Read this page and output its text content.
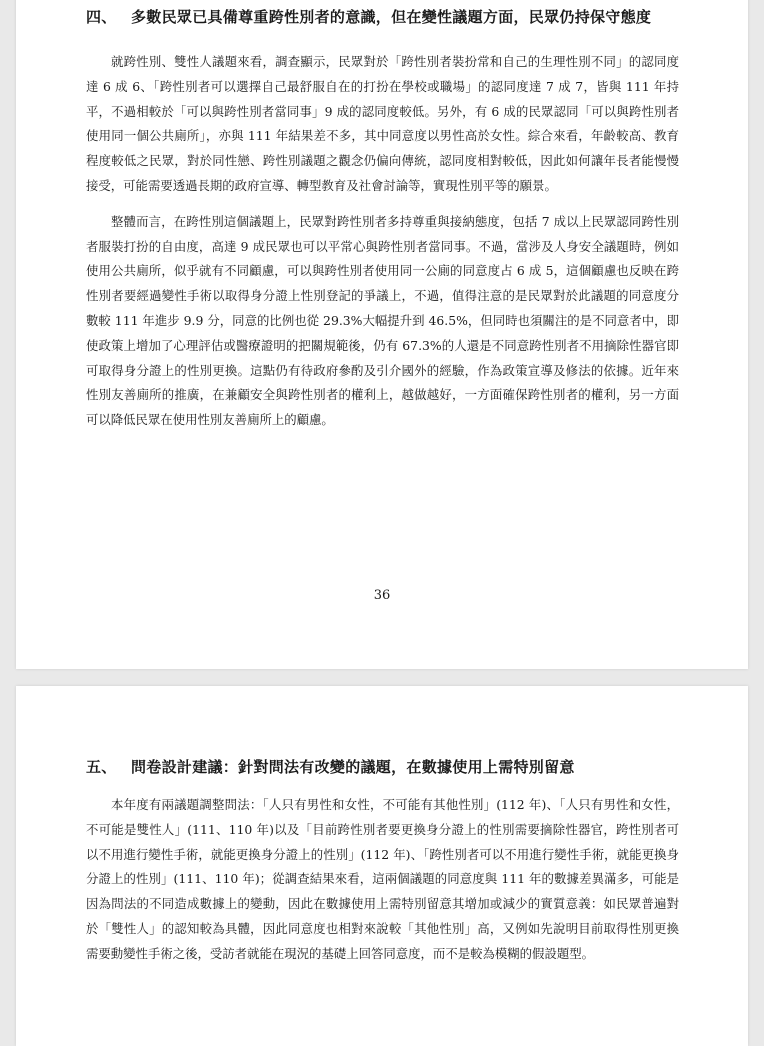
四、 多數民眾已具備尊重跨性別者的意識，但在變性議題方面，民眾仍持保守態度

就跨性別、雙性人議題來看，調查顯示，民眾對於「跨性別者裝扮常和自己的生理性別不同」的認同度達 6 成 6、「跨性別者可以選擇自己最舒服自在的打扮在學校或職場」的認同度達 7 成 7，皆與 111 年持平，不過相較於「可以與跨性別者當同事」9 成的認同度較低。另外，有 6 成的民眾認同「可以與跨性別者使用同一個公共廁所」，亦與 111 年結果差不多，其中同意度以男性高於女性。綜合來看，年齡較高、教育程度較低之民眾，對於同性戀、跨性別議題之觀念仍偏向傳統，認同度相對較低，因此如何讓年長者能慢慢接受，可能需要透過長期的政府宣導、轉型教育及社會討論等，實現性別平等的願景。

整體而言，在跨性別這個議題上，民眾對跨性別者多持尊重與接納態度，包括 7 成以上民眾認同跨性別者服裝打扮的自由度，高達 9 成民眾也可以平常心與跨性別者當同事。不過，當涉及人身安全議題時，例如使用公共廁所，似乎就有不同顧慮，可以與跨性別者使用同一公廁的同意度占 6 成 5，這個顧慮也反映在跨性別者要經過變性手術以取得身分證上性別登記的爭議上，不過，值得注意的是民眾對於此議題的同意度分數較 111 年進步 9.9 分，同意的比例也從 29.3%大幅提升到 46.5%，但同時也須關注的是不同意者中，即使政策上增加了心理評估或醫療證明的把關規範後，仍有 67.3%的人還是不同意跨性別者不用摘除性器官即可取得身分證上的性別更換。這點仍有待政府參酌及引介國外的經驗，作為政策宣導及修法的依據。近年來性別友善廁所的推廣，在兼顧安全與跨性別者的權利上，越做越好，一方面確保跨性別者的權利，另一方面可以降低民眾在使用性別友善廁所上的顧慮。

36
五、 問卷設計建議：針對問法有改變的議題，在數據使用上需特別留意

本年度有兩議題調整問法：「人只有男性和女性，不可能有其他性別」(112 年)、「人只有男性和女性，不可能是雙性人」(111、110 年)以及「目前跨性別者要更換身分證上的性別需要摘除性器官，跨性別者可以不用進行變性手術，就能更換身分證上的性別」(112 年)、「跨性別者可以不用進行變性手術，就能更換身分證上的性別」(111、110 年)；從調查結果來看，這兩個議題的同意度與 111 年的數據差異滿多，可能是因為問法的不同造成數據上的變動，因此在數據使用上需特別留意其增加或減少的實質意義：如民眾普遍對於「雙性人」的認知較為具體，因此同意度也相對來說較「其他性別」高，又例如先說明目前取得性別更換需要動變性手術之後，受訪者就能在現況的基礎上回答同意度，而不是較為模糊的假設題型。
